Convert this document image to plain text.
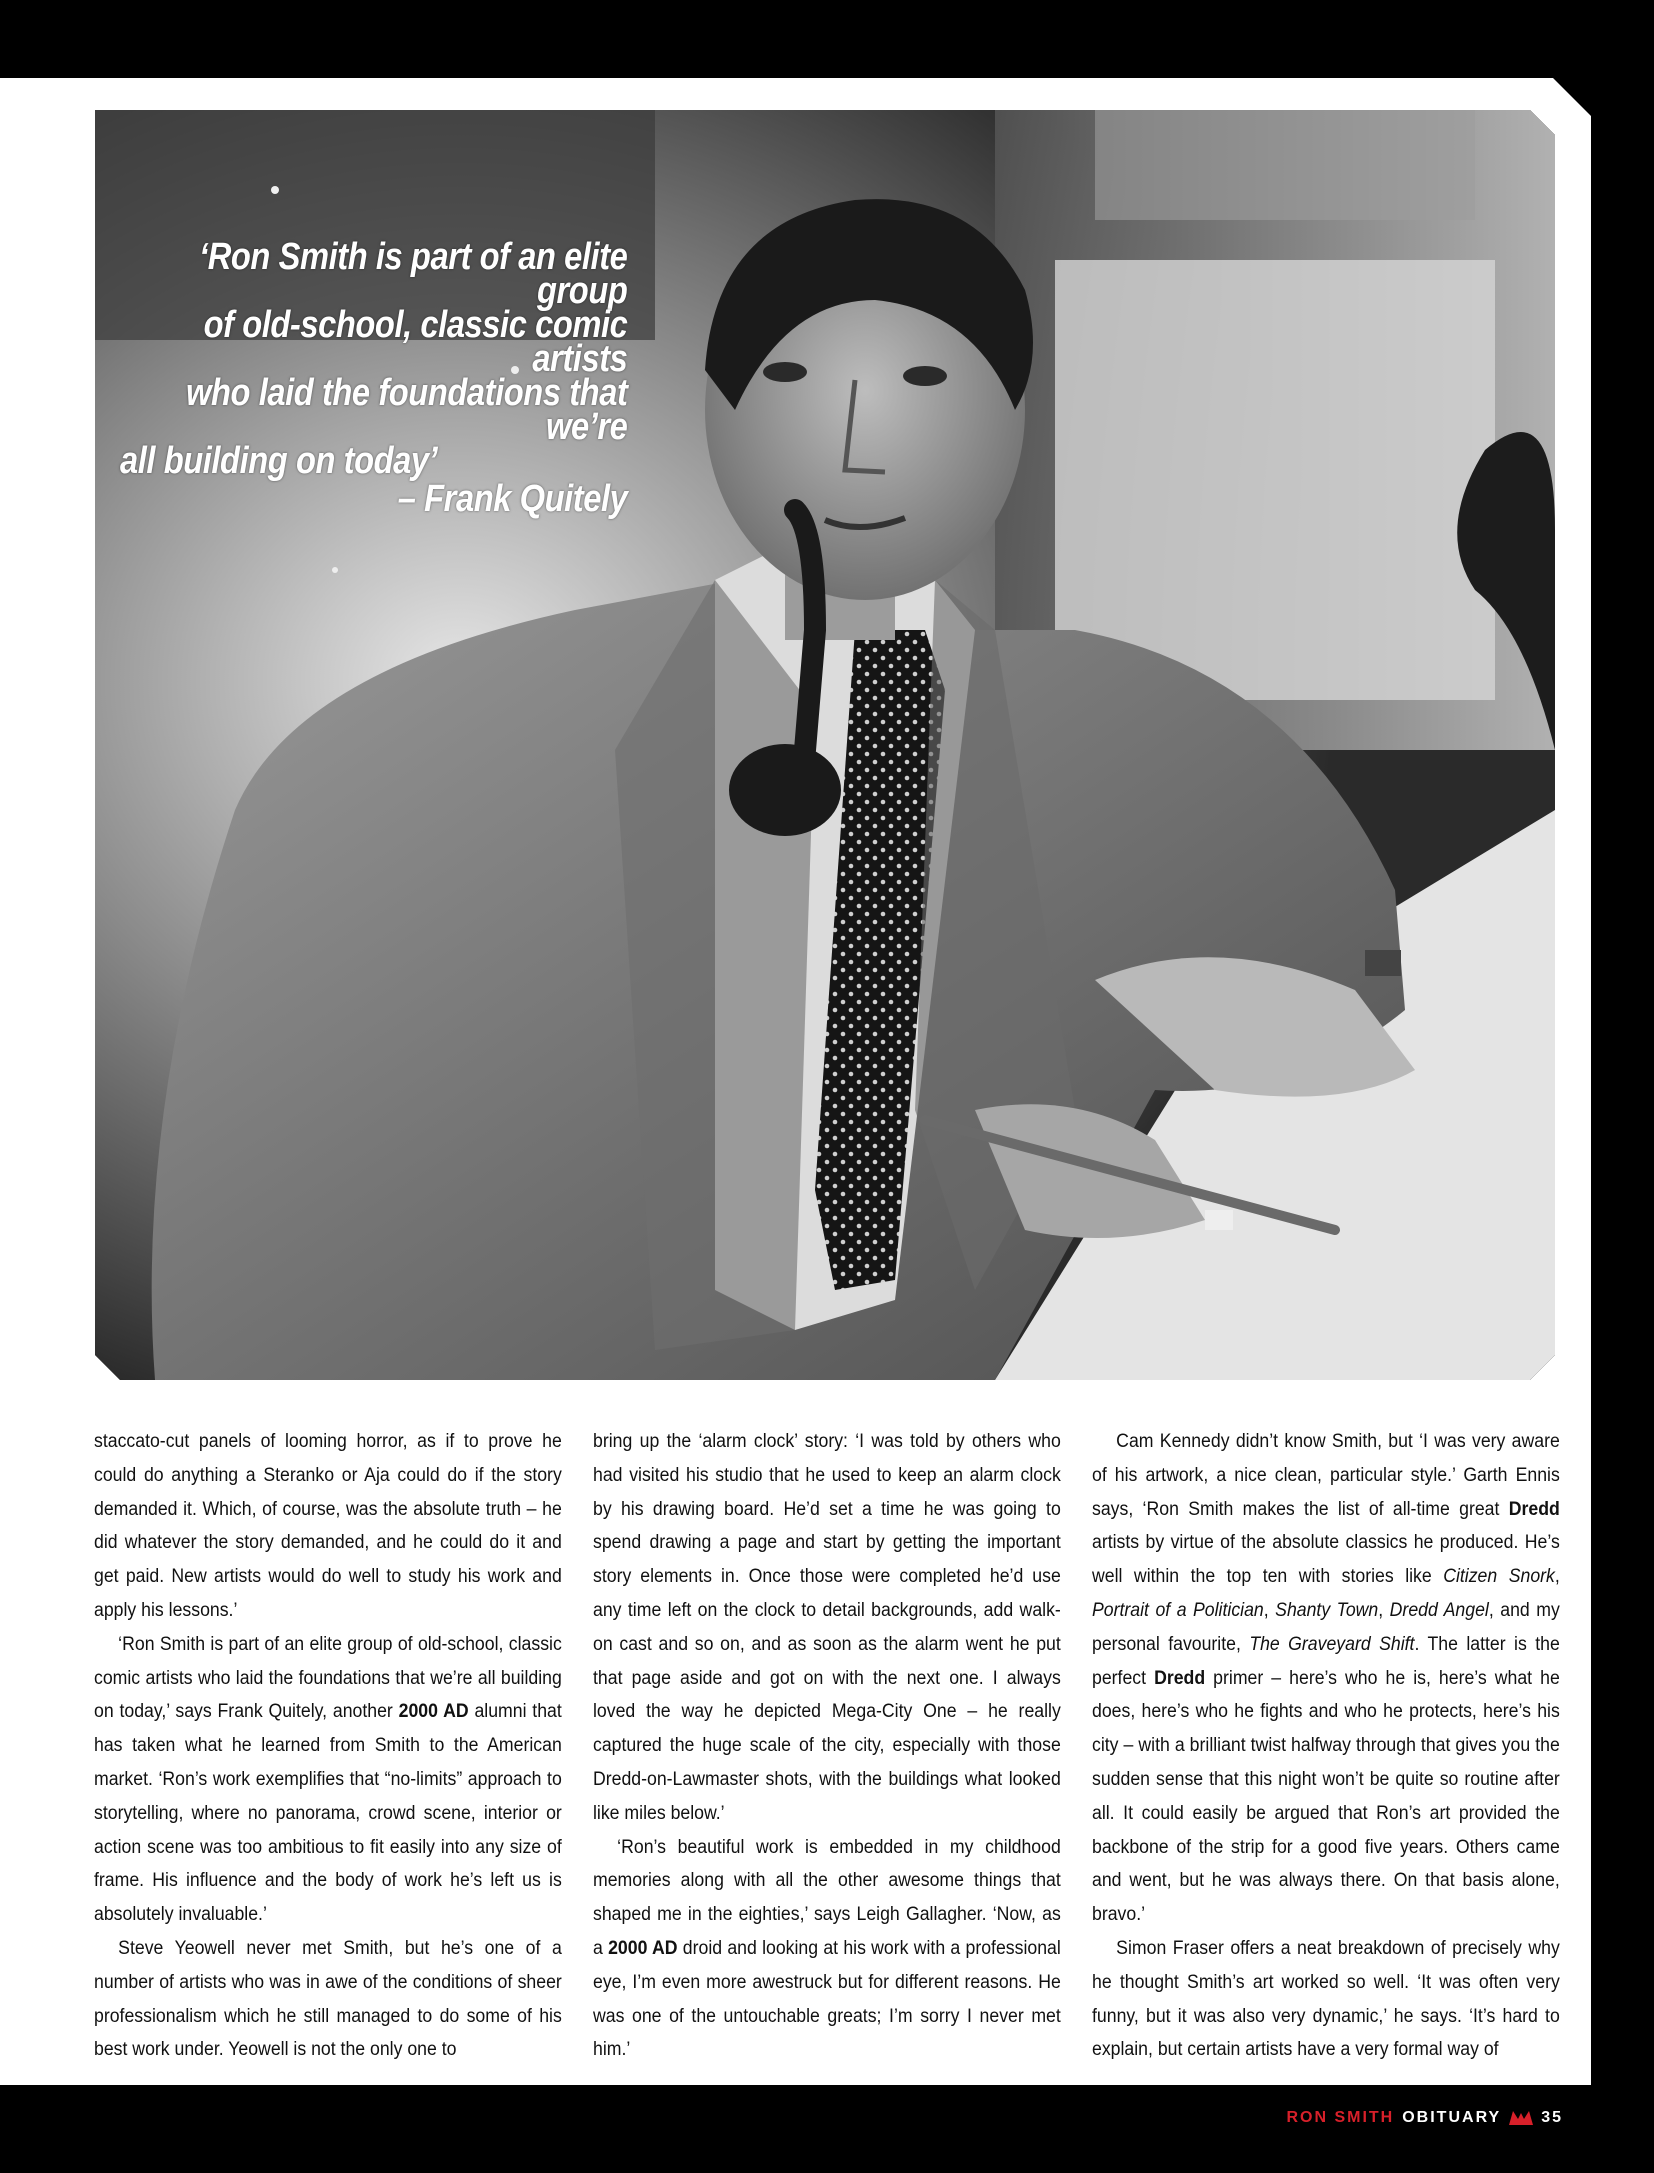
‘Ron Smith is part of an elite group
of old-school, classic comic artists
who laid the foundations that we’re
all building on today’
– Frank Quitely

staccato-cut panels of looming horror, as if to prove he could do anything a Steranko or Aja could do if the story demanded it. Which, of course, was the absolute truth – he did whatever the story demanded, and he could do it and get paid. New artists would do well to study his work and apply his lessons.’

‘Ron Smith is part of an elite group of old-school, classic comic artists who laid the foundations that we’re all building on today,’ says Frank Quitely, another 2000 AD alumni that has taken what he learned from Smith to the American market. ‘Ron’s work exemplifies that “no-limits” approach to storytelling, where no panorama, crowd scene, interior or action scene was too ambitious to fit easily into any size of frame. His influence and the body of work he’s left us is absolutely invaluable.’

Steve Yeowell never met Smith, but he’s one of a number of artists who was in awe of the conditions of sheer professionalism which he still managed to do some of his best work under. Yeowell is not the only one to

bring up the ‘alarm clock’ story: ‘I was told by others who had visited his studio that he used to keep an alarm clock by his drawing board. He’d set a time he was going to spend drawing a page and start by getting the important story elements in. Once those were completed he’d use any time left on the clock to detail backgrounds, add walk-on cast and so on, and as soon as the alarm went he put that page aside and got on with the next one. I always loved the way he depicted Mega-City One – he really captured the huge scale of the city, especially with those Dredd-on-Lawmaster shots, with the buildings what looked like miles below.’

‘Ron’s beautiful work is embedded in my childhood memories along with all the other awesome things that shaped me in the eighties,’ says Leigh Gallagher. ‘Now, as a 2000 AD droid and looking at his work with a professional eye, I’m even more awestruck but for different reasons. He was one of the untouchable greats; I’m sorry I never met him.’

Cam Kennedy didn’t know Smith, but ‘I was very aware of his artwork, a nice clean, particular style.’ Garth Ennis says, ‘Ron Smith makes the list of all-time great Dredd artists by virtue of the absolute classics he produced. He’s well within the top ten with stories like Citizen Snork, Portrait of a Politician, Shanty Town, Dredd Angel, and my personal favourite, The Graveyard Shift. The latter is the perfect Dredd primer – here’s who he is, here’s what he does, here’s who he fights and who he protects, here’s his city – with a brilliant twist halfway through that gives you the sudden sense that this night won’t be quite so routine after all. It could easily be argued that Ron’s art provided the backbone of the strip for a good five years. Others came and went, but he was always there. On that basis alone, bravo.’

Simon Fraser offers a neat breakdown of precisely why he thought Smith’s art worked so well. ‘It was often very funny, but it was also very dynamic,’ he says. ‘It’s hard to explain, but certain artists have a very formal way of

RON SMITH OBITUARY	35
